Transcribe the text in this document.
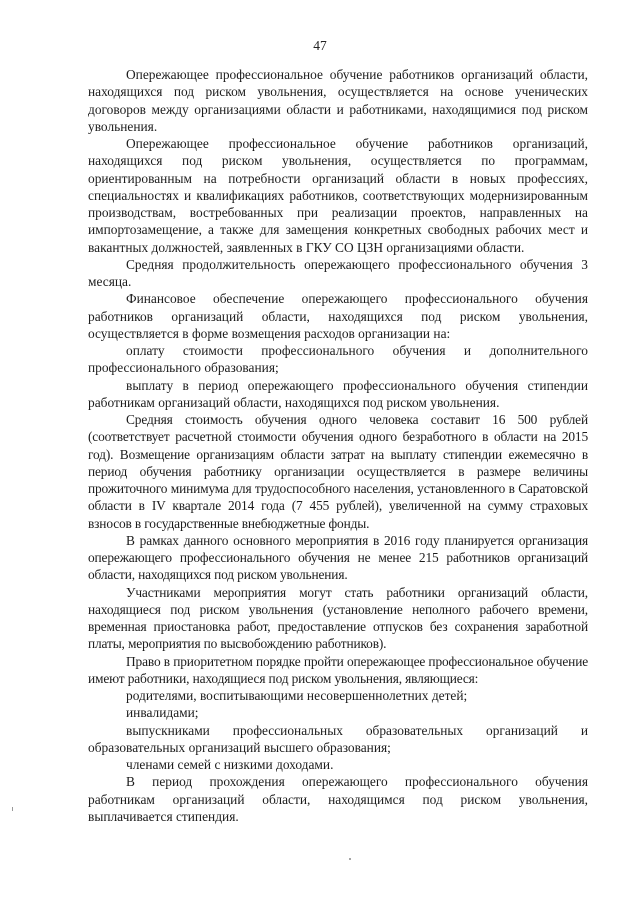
47

Опережающее профессиональное обучение работников организаций области, находящихся под риском увольнения, осуществляется на основе ученических договоров между организациями области и работниками, находящимися под риском увольнения.

Опережающее профессиональное обучение работников организаций, находящихся под риском увольнения, осуществляется по программам, ориентированным на потребности организаций области в новых профессиях, специальностях и квалификациях работников, соответствующих модернизированным производствам, востребованных при реализации проектов, направленных на импортозамещение, а также для замещения конкретных свободных рабочих мест и вакантных должностей, заявленных в ГКУ СО ЦЗН организациями области.

Средняя продолжительность опережающего профессионального обучения 3 месяца.

Финансовое обеспечение опережающего профессионального обучения работников организаций области, находящихся под риском увольнения, осуществляется в форме возмещения расходов организации на:

оплату стоимости профессионального обучения и дополнительного профессионального образования;

выплату в период опережающего профессионального обучения стипендии работникам организаций области, находящихся под риском увольнения.

Средняя стоимость обучения одного человека составит 16 500 рублей (соответствует расчетной стоимости обучения одного безработного в области на 2015 год). Возмещение организациям области затрат на выплату стипендии ежемесячно в период обучения работнику организации осуществляется в размере величины прожиточного минимума для трудоспособного населения, установленного в Саратовской области в IV квартале 2014 года (7 455 рублей), увеличенной на сумму страховых взносов в государственные внебюджетные фонды.

В рамках данного основного мероприятия в 2016 году планируется организация опережающего профессионального обучения не менее 215 работников организаций области, находящихся под риском увольнения.

Участниками мероприятия могут стать работники организаций области, находящиеся под риском увольнения (установление неполного рабочего времени, временная приостановка работ, предоставление отпусков без сохранения заработной платы, мероприятия по высвобождению работников).

Право в приоритетном порядке пройти опережающее профессиональное обучение имеют работники, находящиеся под риском увольнения, являющиеся:

родителями, воспитывающими несовершеннолетних детей;

инвалидами;

выпускниками профессиональных образовательных организаций и образовательных организаций высшего образования;

членами семей с низкими доходами.

В период прохождения опережающего профессионального обучения работникам организаций области, находящимся под риском увольнения, выплачивается стипендия.
